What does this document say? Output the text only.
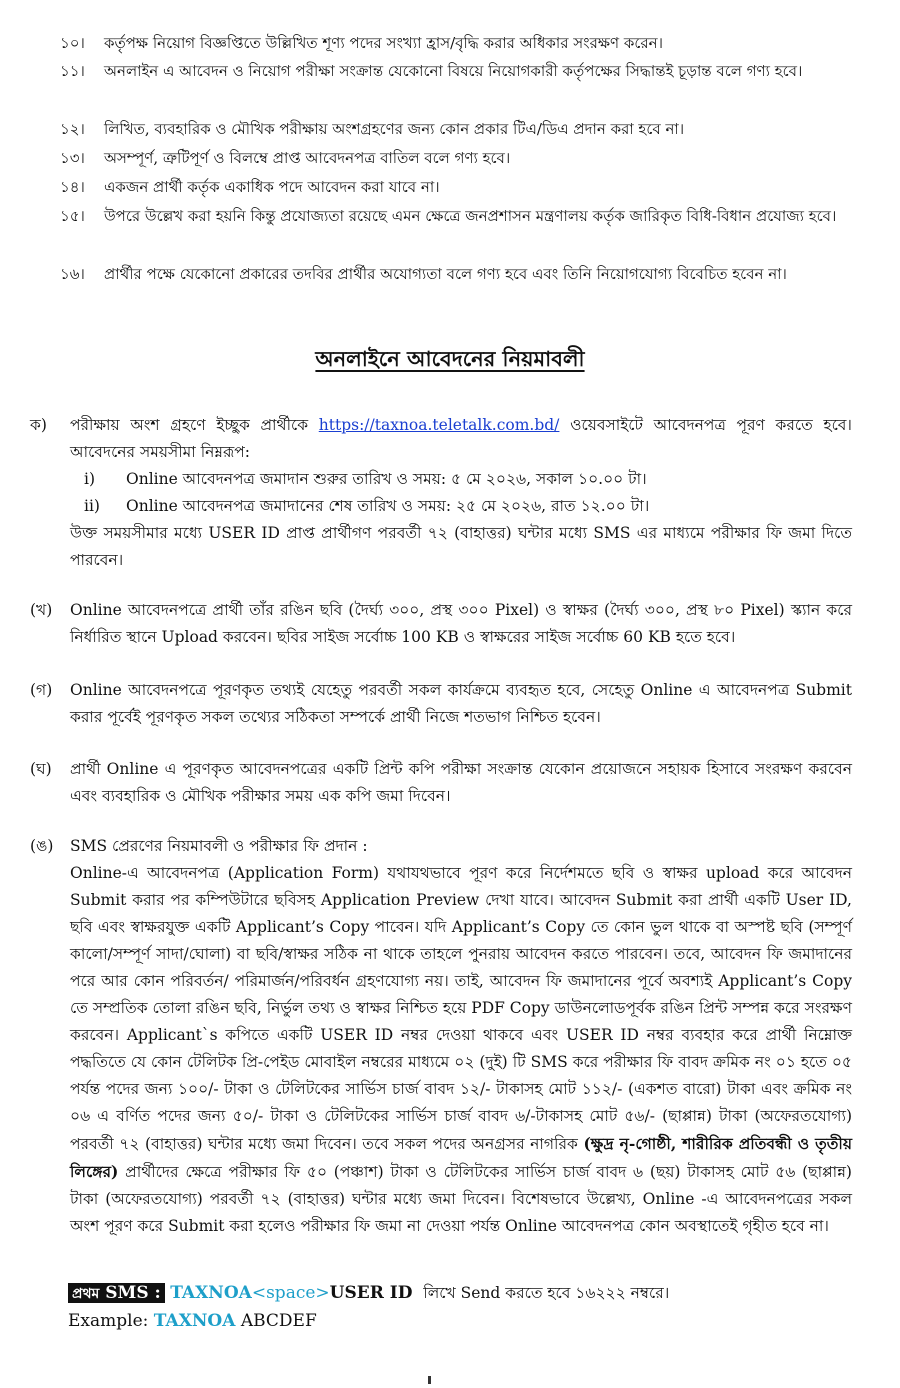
১০।	কর্তৃপক্ষ নিয়োগ বিজ্ঞপ্তিতে উল্লিখিত শূণ্য পদের সংখ্যা হ্রাস/বৃদ্ধি করার অধিকার সংরক্ষণ করেন।
১১।	অনলাইন এ আবেদন ও নিয়োগ পরীক্ষা সংক্রান্ত যেকোনো বিষয়ে নিয়োগকারী কর্তৃপক্ষের সিদ্ধান্তই চূড়ান্ত বলে গণ্য হবে।
১২।	লিখিত, ব্যবহারিক ও মৌখিক পরীক্ষায় অংশগ্রহণের জন্য কোন প্রকার টিএ/ডিএ প্রদান করা হবে না।
১৩।	অসম্পূর্ণ, ত্রুটিপূর্ণ ও বিলম্বে প্রাপ্ত আবেদনপত্র বাতিল বলে গণ্য হবে।
১৪।	একজন প্রার্থী কর্তৃক একাধিক পদে আবেদন করা যাবে না।
১৫।	উপরে উল্লেখ করা হয়নি কিন্তু প্রযোজ্যতা রয়েছে এমন ক্ষেত্রে জনপ্রশাসন মন্ত্রণালয় কর্তৃক জারিকৃত বিধি-বিধান প্রযোজ্য হবে।
১৬।	প্রার্থীর পক্ষে যেকোনো প্রকারের তদবির প্রার্থীর অযোগ্যতা বলে গণ্য হবে এবং তিনি নিয়োগযোগ্য বিবেচিত হবেন না।
অনলাইনে আবেদনের নিয়মাবলী
ক) পরীক্ষায় অংশ গ্রহণে ইচ্ছুক প্রার্থীকে https://taxnoa.teletalk.com.bd/ ওয়েবসাইটে আবেদনপত্র পূরণ করতে হবে। আবেদনের সময়সীমা নিম্নরূপ:
i) Online আবেদনপত্র জমাদান শুরুর তারিখ ও সময়: ৫ মে ২০২৬, সকাল ১০.০০ টা।
ii) Online আবেদনপত্র জমাদানের শেষ তারিখ ও সময়: ২৫ মে ২০২৬, রাত ১২.০০ টা।
উক্ত সময়সীমার মধ্যে USER ID প্রাপ্ত প্রার্থীগণ পরবর্তী ৭২ (বাহাত্তর) ঘন্টার মধ্যে SMS এর মাধ্যমে পরীক্ষার ফি জমা দিতে পারবেন।
(খ) Online আবেদনপত্রে প্রার্থী তাঁর রঙিন ছবি (দৈর্ঘ্য ৩০০, প্রস্থ ৩০০ Pixel) ও স্বাক্ষর (দৈর্ঘ্য ৩০০, প্রস্থ ৮০ Pixel) স্ক্যান করে নির্ধারিত স্থানে Upload করবেন। ছবির সাইজ সর্বোচ্চ 100 KB ও স্বাক্ষরের সাইজ সর্বোচ্চ 60 KB হতে হবে।
(গ) Online আবেদনপত্রে পূরণকৃত তথ্যই যেহেতু পরবর্তী সকল কার্যক্রমে ব্যবহৃত হবে, সেহেতু Online এ আবেদনপত্র Submit করার পূর্বেই পূরণকৃত সকল তথ্যের সঠিকতা সম্পর্কে প্রার্থী নিজে শতভাগ নিশ্চিত হবেন।
(ঘ) প্রার্থী Online এ পূরণকৃত আবেদনপত্রের একটি প্রিন্ট কপি পরীক্ষা সংক্রান্ত যেকোন প্রয়োজনে সহায়ক হিসাবে সংরক্ষণ করবেন এবং ব্যবহারিক ও মৌখিক পরীক্ষার সময় এক কপি জমা দিবেন।
(ঙ) SMS প্রেরণের নিয়মাবলী ও পরীক্ষার ফি প্রদান :
Online-এ আবেদনপত্র (Application Form) যথাযথভাবে পূরণ করে নির্দেশমতে ছবি ও স্বাক্ষর upload করে আবেদন Submit করার পর কম্পিউটারে ছবিসহ Application Preview দেখা যাবে। আবেদন Submit করা প্রার্থী একটি User ID, ছবি এবং স্বাক্ষরযুক্ত একটি Applicant’s Copy পাবেন। যদি Applicant’s Copy তে কোন ভুল থাকে বা অস্পষ্ট ছবি (সম্পূর্ণ কালো/সম্পূর্ণ সাদা/ঘোলা) বা ছবি/স্বাক্ষর সঠিক না থাকে তাহলে পুনরায় আবেদন করতে পারবেন। তবে, আবেদন ফি জমাদানের পরে আর কোন পরিবর্তন/ পরিমার্জন/পরিবর্ধন গ্রহণযোগ্য নয়। তাই, আবেদন ফি জমাদানের পূর্বে অবশ্যই Applicant’s Copy তে সম্প্রতিক তোলা রঙিন ছবি, নির্ভুল তথ্য ও স্বাক্ষর নিশ্চিত হয়ে PDF Copy ডাউনলোডপূর্বক রঙিন প্রিন্ট সম্পন্ন করে সংরক্ষণ করবেন। Applicant`s কপিতে একটি USER ID নম্বর দেওয়া থাকবে এবং USER ID নম্বর ব্যবহার করে প্রার্থী নিম্নোক্ত পদ্ধতিতে যে কোন টেলিটক প্রি-পেইড মোবাইল নম্বরের মাধ্যমে ০২ (দুই) টি SMS করে পরীক্ষার ফি বাবদ ক্রমিক নং ০১ হতে ০৫ পর্যন্ত পদের জন্য ১০০/- টাকা ও টেলিটকের সার্ভিস চার্জ বাবদ ১২/- টাকাসহ মোট ১১২/- (একশত বারো) টাকা এবং ক্রমিক নং ০৬ এ বর্ণিত পদের জন্য ৫০/- টাকা ও টেলিটকের সার্ভিস চার্জ বাবদ ৬/-টাকাসহ মোট ৫৬/- (ছাপ্পান্ন) টাকা (অফেরতযোগ্য) পরবর্তী ৭২ (বাহাত্তর) ঘন্টার মধ্যে জমা দিবেন। তবে সকল পদের অনগ্রসর নাগরিক (ক্ষুদ্র নৃ-গোষ্ঠী, শারীরিক প্রতিবন্ধী ও তৃতীয় লিঙ্গের) প্রার্থীদের ক্ষেত্রে পরীক্ষার ফি ৫০ (পঞ্চাশ) টাকা ও টেলিটকের সার্ভিস চার্জ বাবদ ৬ (ছয়) টাকাসহ মোট ৫৬ (ছাপ্পান্ন) টাকা (অফেরতযোগ্য) পরবর্তী ৭২ (বাহাত্তর) ঘন্টার মধ্যে জমা দিবেন। বিশেষভাবে উল্লেখ্য, Online -এ আবেদনপত্রের সকল অংশ পূরণ করে Submit করা হলেও পরীক্ষার ফি জমা না দেওয়া পর্যন্ত Online আবেদনপত্র কোন অবস্থাতেই গৃহীত হবে না।
প্রথম SMS : TAXNOA<space>USER ID লিখে Send করতে হবে ১৬২২২ নম্বরে।
Example: TAXNOA ABCDEF
